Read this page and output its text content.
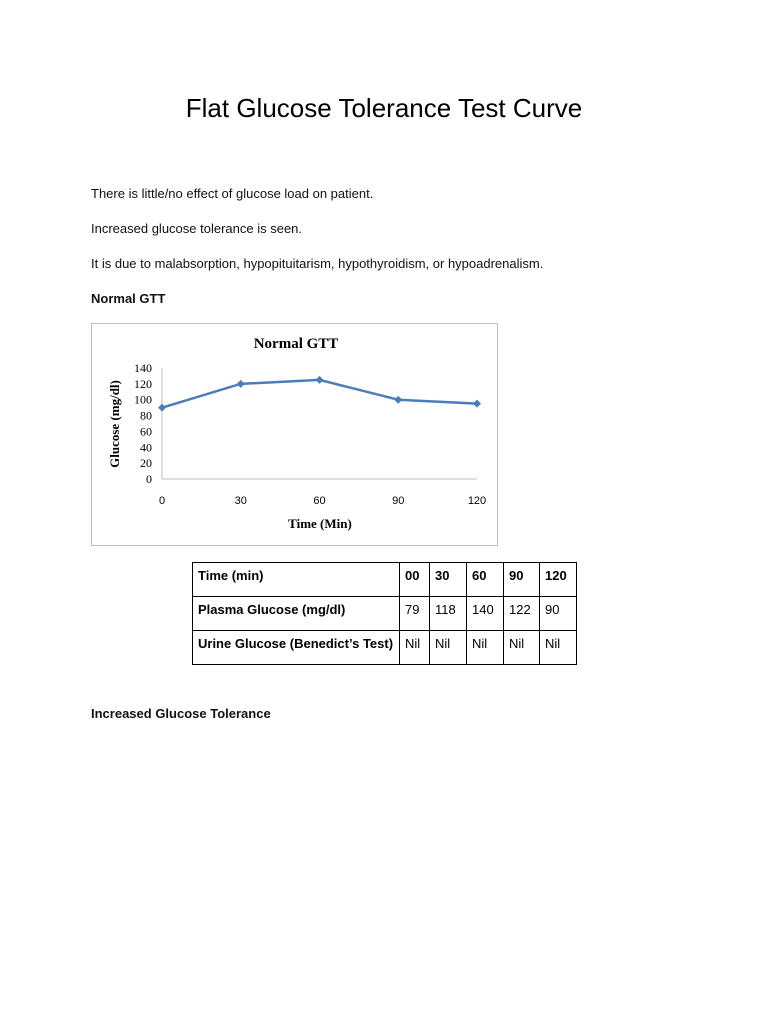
Flat Glucose Tolerance Test Curve

There is little/no effect of glucose load on patient.

Increased glucose tolerance is seen.

It is due to malabsorption, hypopituitarism, hypothyroidism, or hypoadrenalism.

Normal GTT

Normal GTT
Glucose (mg/dl)
Time (Min)
0
20
40
60
80
100
120
140
0	30	60	90	120
Time (min)	00	30	60	90	120
Plasma Glucose (mg/dl)	79	118	140	122	90
Urine Glucose (Benedict’s Test)	Nil	Nil	Nil	Nil	Nil

Increased Glucose Tolerance
